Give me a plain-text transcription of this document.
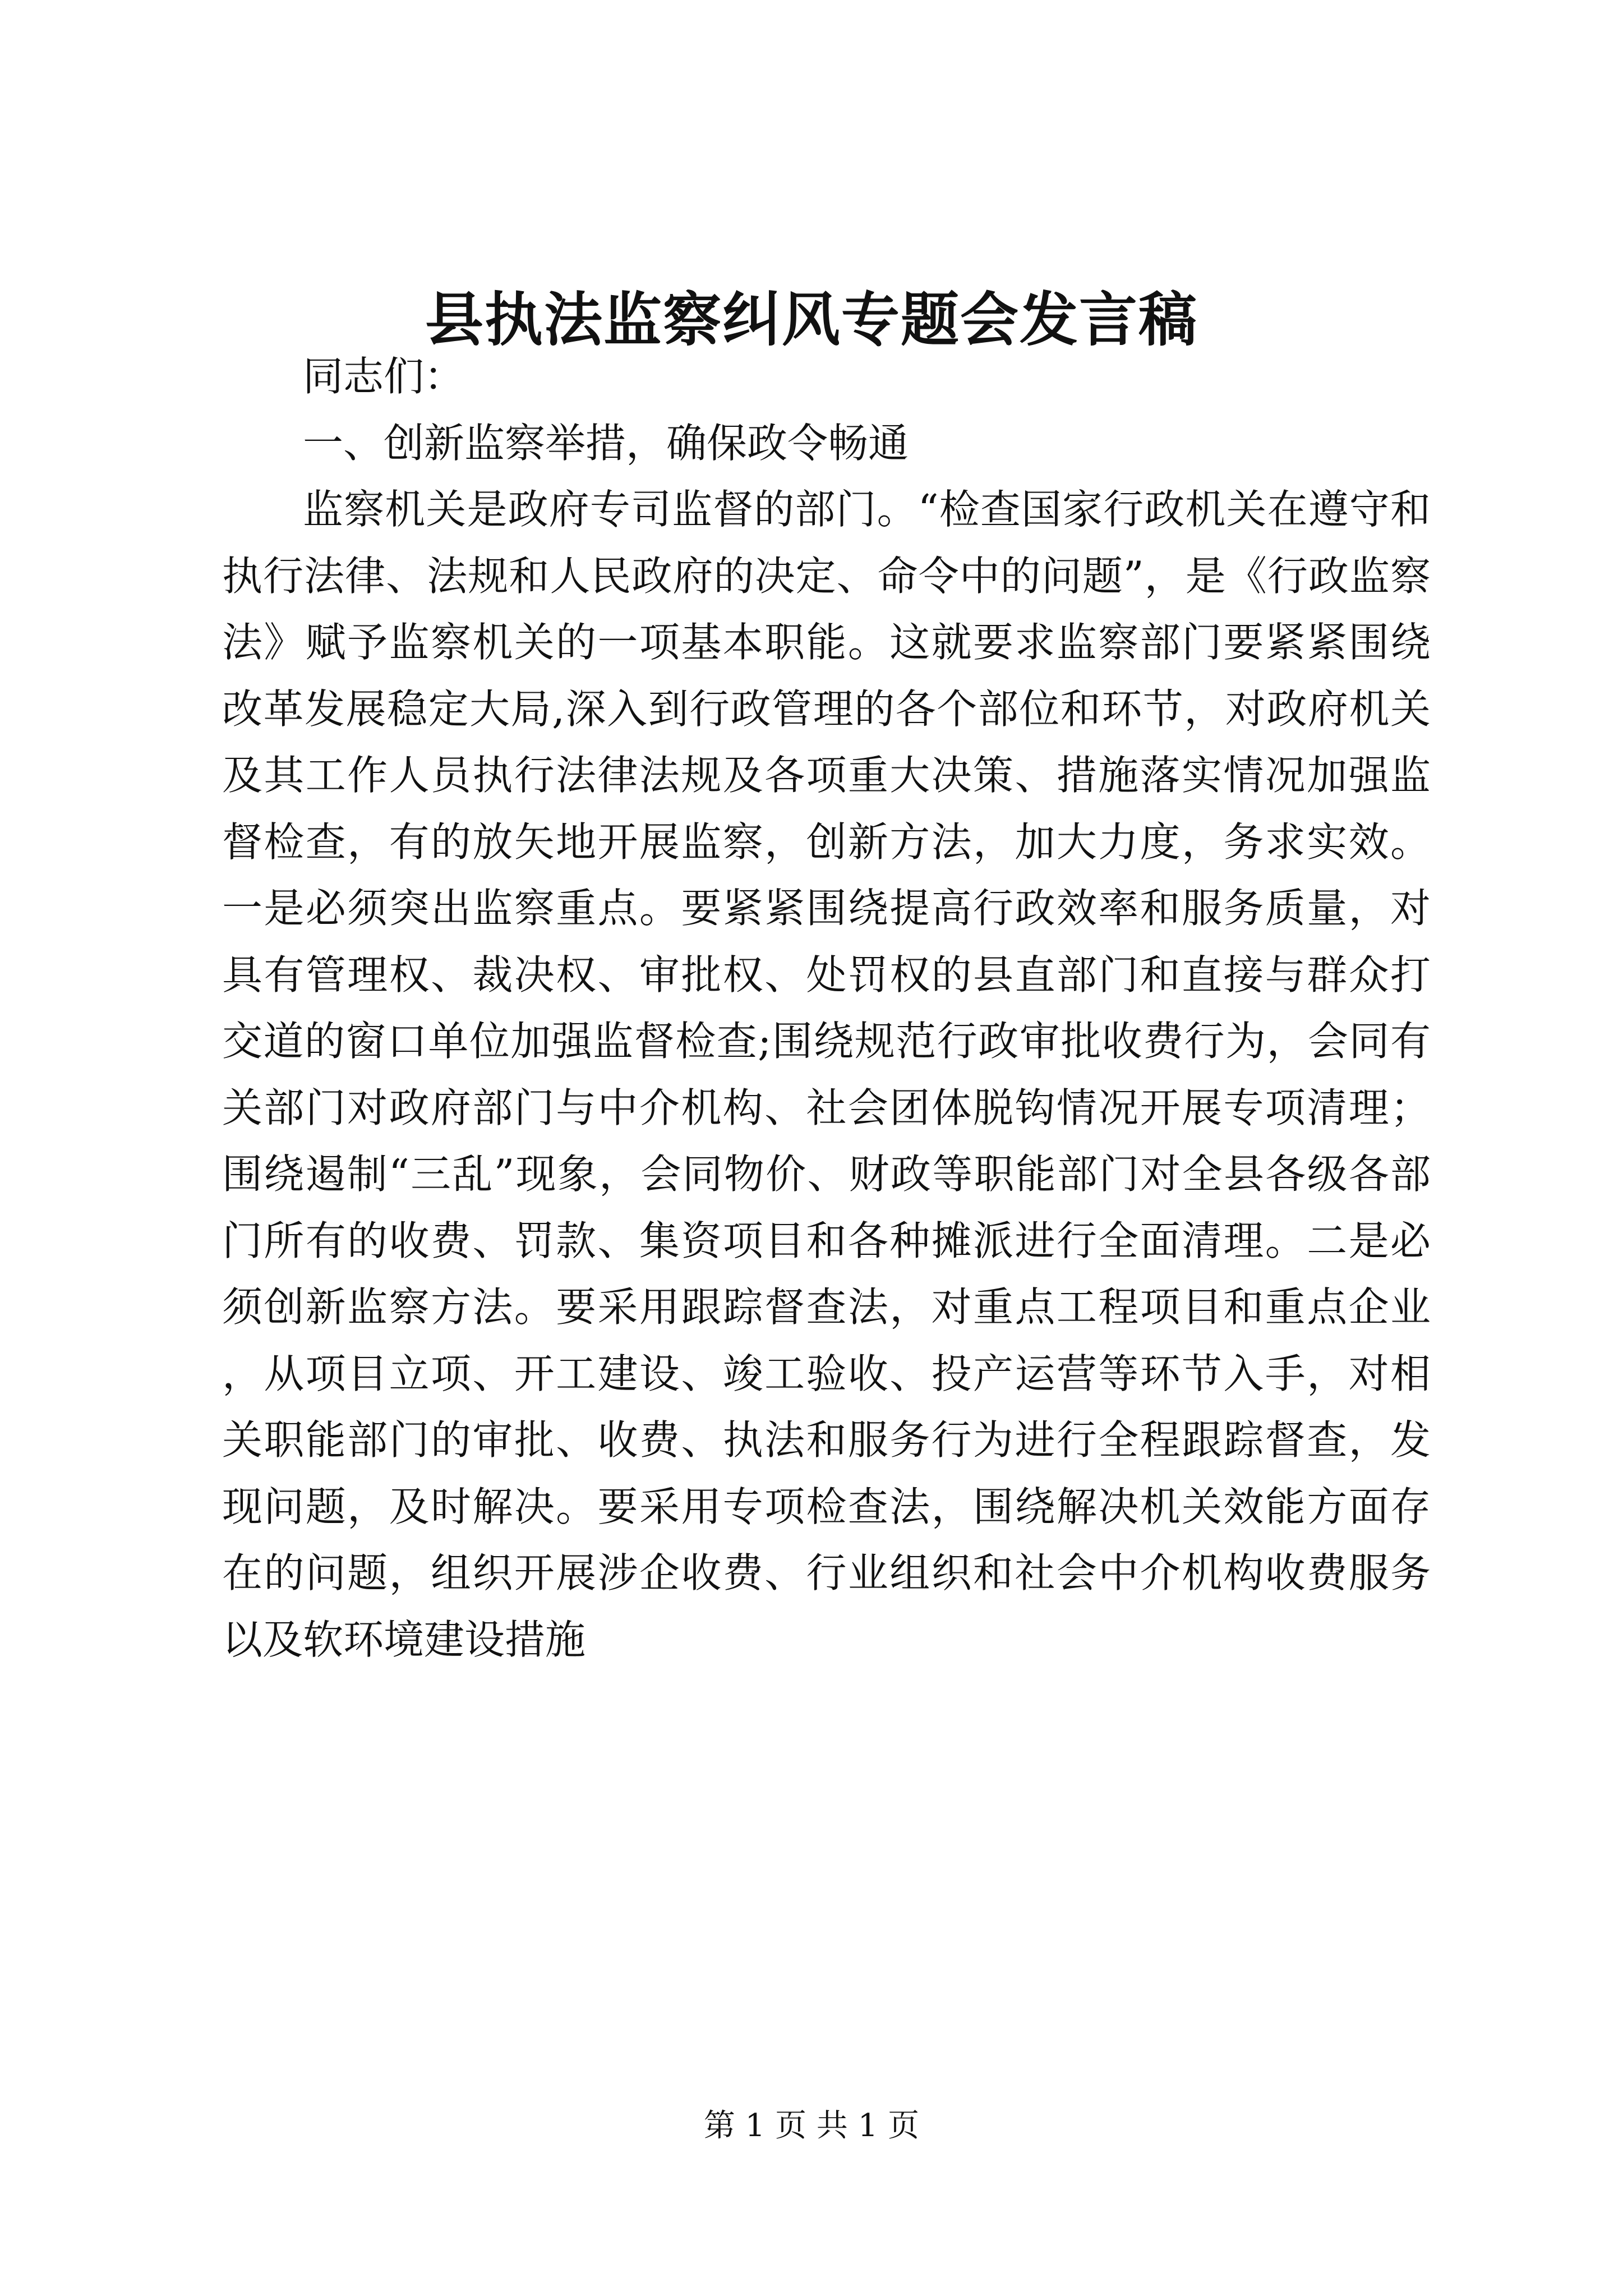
县执法监察纠风专题会发言稿

同志们：

一、创新监察举措，确保政令畅通

监察机关是政府专司监督的部门。“检查国家行政机关在遵守和执行法律、法规和人民政府的决定、命令中的问题”，是《行政监察法》赋予监察机关的一项基本职能。这就要求监察部门要紧紧围绕改革发展稳定大局,深入到行政管理的各个部位和环节，对政府机关及其工作人员执行法律法规及各项重大决策、措施落实情况加强监督检查，有的放矢地开展监察，创新方法，加大力度，务求实效。一是必须突出监察重点。要紧紧围绕提高行政效率和服务质量，对具有管理权、裁决权、审批权、处罚权的县直部门和直接与群众打交道的窗口单位加强监督检查;围绕规范行政审批收费行为，会同有关部门对政府部门与中介机构、社会团体脱钩情况开展专项清理；围绕遏制“三乱”现象，会同物价、财政等职能部门对全县各级各部门所有的收费、罚款、集资项目和各种摊派进行全面清理。二是必须创新监察方法。要采用跟踪督查法，对重点工程项目和重点企业，从项目立项、开工建设、竣工验收、投产运营等环节入手，对相关职能部门的审批、收费、执法和服务行为进行全程跟踪督查，发现问题，及时解决。要采用专项检查法，围绕解决机关效能方面存在的问题，组织开展涉企收费、行业组织和社会中介机构收费服务以及软环境建设措施

第 1 页 共 1 页
